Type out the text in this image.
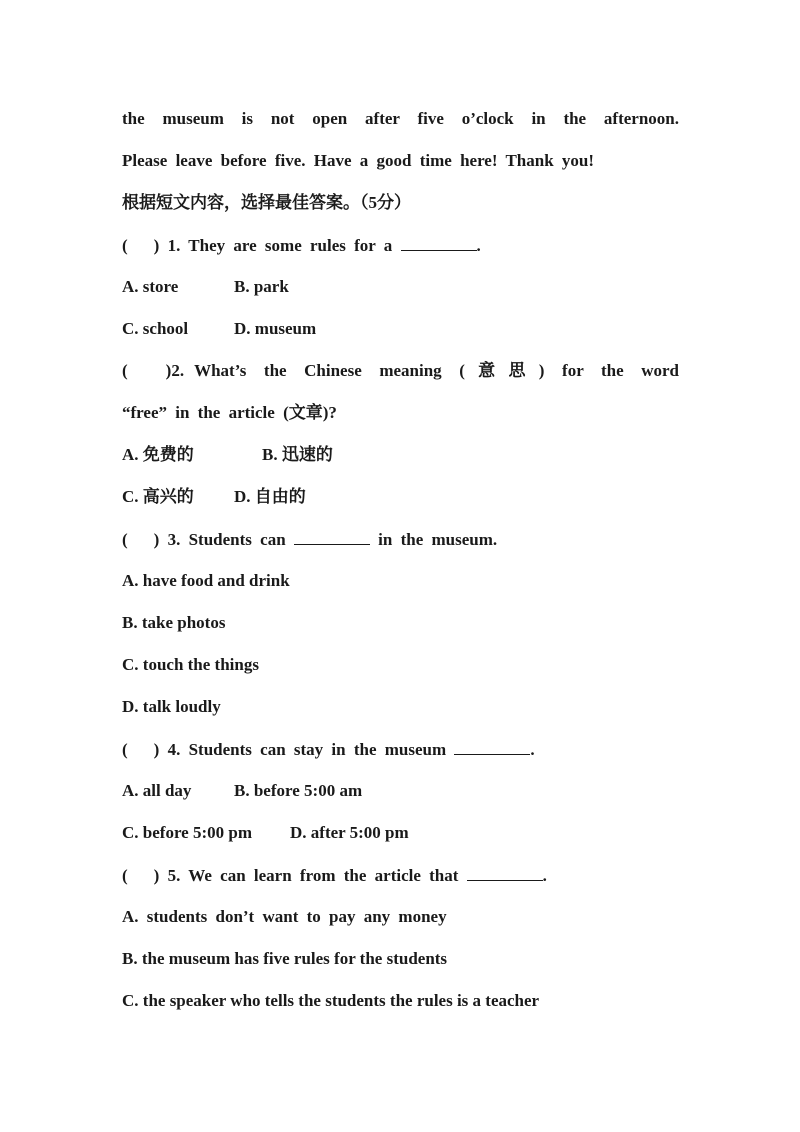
the museum is not open after five o’clock in the afternoon.
Please leave before five. Have a good time here! Thank you!
根据短文内容，选择最佳答案。（5分）
( ) 1. They are some rules for a	.
A. store	B. park
C. school	D. museum
( ) 2. What’s the Chinese meaning (意思) for the word
“free” in the article (文章)?
A. 免费的	B. 迅速的
C. 高兴的 D. 自由的
( ) 3. Students can	in the museum.
A. have food and drink
B. take photos
C. touch the things
D. talk loudly
( ) 4. Students can stay in the museum	.
A. all day	B. before 5:00 am
C. before 5:00 pm D. after 5:00 pm
( ) 5. We can learn from the article that	.
A. students don’t want to pay any money
B. the museum has five rules for the students
C. the speaker who tells the students the rules is a teacher
